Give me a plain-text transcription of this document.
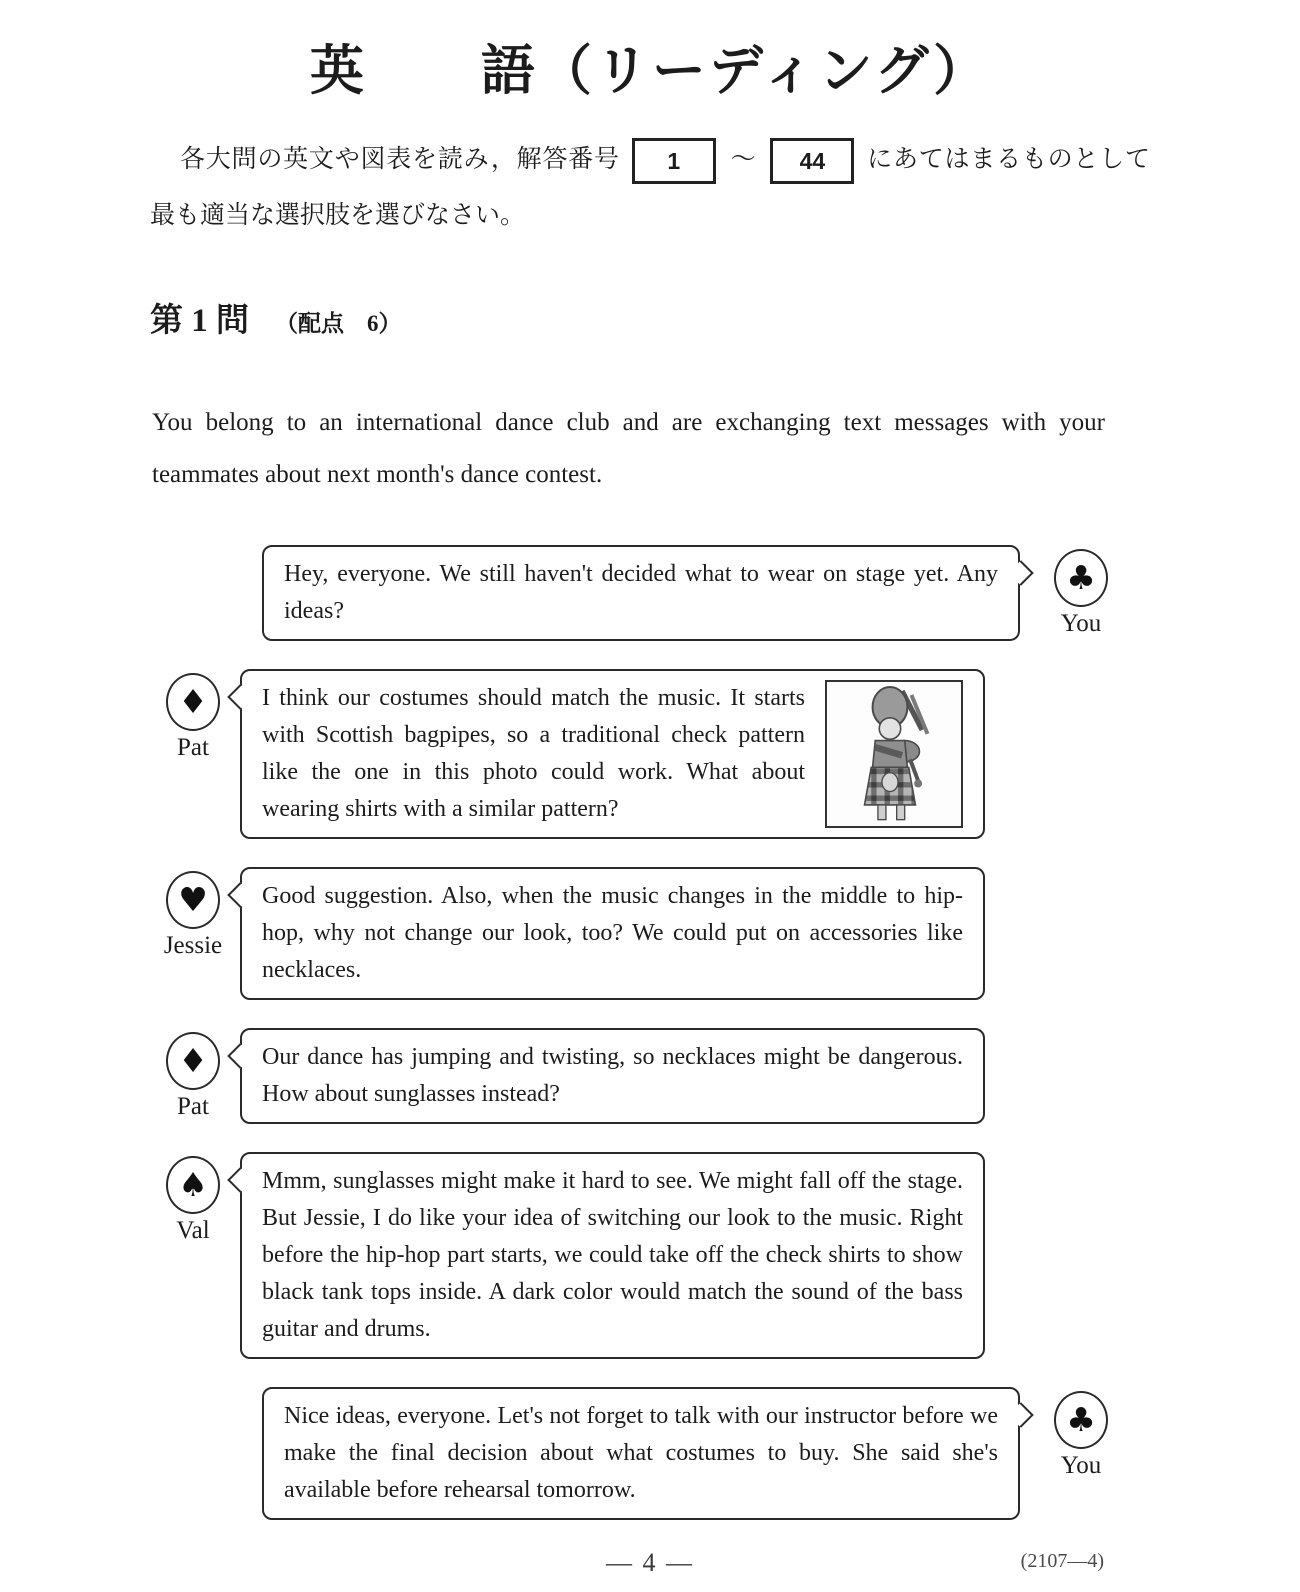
英　　語（リーディング）

各大問の英文や図表を読み，解答番号 1 ～ 44 にあてはまるものとして最も適当な選択肢を選びなさい。

第 1 問 （配点　6）

You belong to an international dance club and are exchanging text messages with your teammates about next month's dance contest.

Hey, everyone. We still haven't decided what to wear on stage yet. Any ideas?

♣
You
♦
Pat

I think our costumes should match the music. It starts with Scottish bagpipes, so a traditional check pattern like the one in this photo could work. What about wearing shirts with a similar pattern?

♥
Jessie

Good suggestion. Also, when the music changes in the middle to hip-hop, why not change our look, too? We could put on accessories like necklaces.

♦
Pat

Our dance has jumping and twisting, so necklaces might be dangerous. How about sunglasses instead?

♠
Val

Mmm, sunglasses might make it hard to see. We might fall off the stage. But Jessie, I do like your idea of switching our look to the music. Right before the hip-hop part starts, we could take off the check shirts to show black tank tops inside. A dark color would match the sound of the bass guitar and drums.

Nice ideas, everyone. Let's not forget to talk with our instructor before we make the final decision about what costumes to buy. She said she's available before rehearsal tomorrow.

♣
You
— 4 —	(2107—4)
